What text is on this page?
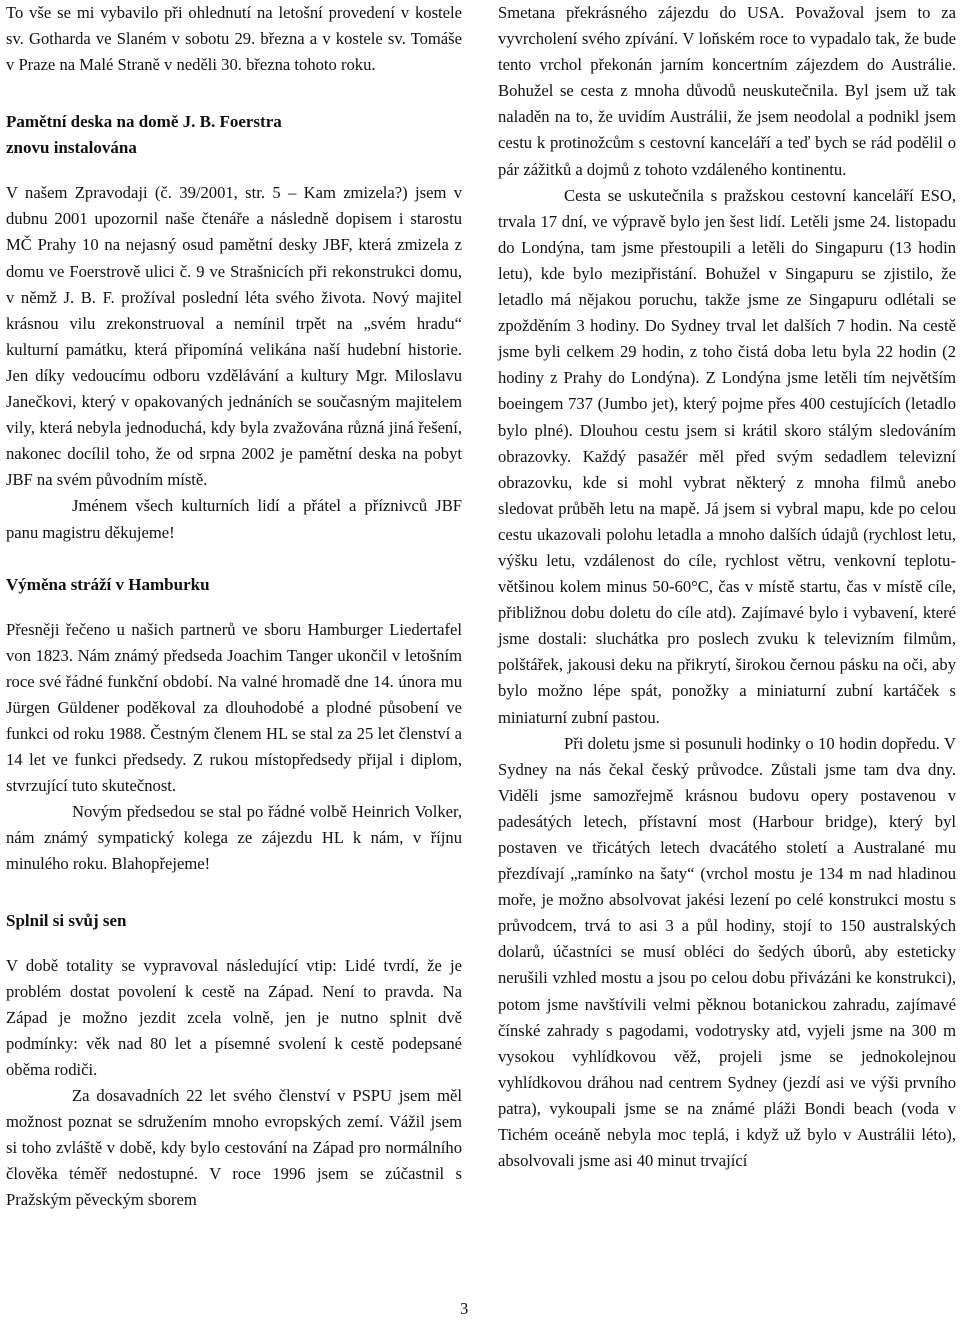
To vše se mi vybavilo při ohlednutí na letošní provedení v kostele sv. Gotharda ve Slaném v sobotu 29. března a v kostele sv. Tomáše v Praze na Malé Straně v neděli 30. března tohoto roku.

Pamětní deska na domě J. B. Foerstra
znovu instalována

V našem Zpravodaji (č. 39/2001, str. 5 – Kam zmizela?) jsem v dubnu 2001 upozornil naše čtenáře a následně dopisem i starostu MČ Prahy 10 na nejasný osud pamětní desky JBF, která zmizela z domu ve Foerstrově ulici č. 9 ve Strašnicích při rekonstrukci domu, v němž J. B. F. prožíval poslední léta svého života. Nový majitel krásnou vilu zrekonstruoval a nemínil trpět na „svém hradu“ kulturní památku, která připomíná velikána naší hudební historie. Jen díky vedoucímu odboru vzdělávání a kultury Mgr. Miloslavu Janečkovi, který v opakovaných jednáních se současným majitelem vily, která nebyla jednoduchá, kdy byla zvažována různá jiná řešení, nakonec docílil toho, že od srpna 2002 je pamětní deska na pobyt JBF na svém původním místě.

Jménem všech kulturních lidí a přátel a příznivců JBF panu magistru děkujeme!

Výměna stráží v Hamburku

Přesněji řečeno u našich partnerů ve sboru Hamburger Liedertafel von 1823. Nám známý předseda Joachim Tanger ukončil v letošním roce své řádné funkční období. Na valné hromadě dne 14. února mu Jürgen Güldener poděkoval za dlouhodobé a plodné působení ve funkci od roku 1988. Čestným členem HL se stal za 25 let členství a 14 let ve funkci předsedy. Z rukou místopředsedy přijal i diplom, stvrzující tuto skutečnost.

Novým předsedou se stal po řádné volbě Heinrich Volker, nám známý sympatický kolega ze zájezdu HL k nám, v říjnu minulého roku. Blahopřejeme!

Splnil si svůj sen

V době totality se vypravoval následující vtip: Lidé tvrdí, že je problém dostat povolení k cestě na Západ. Není to pravda. Na Západ je možno jezdit zcela volně, jen je nutno splnit dvě podmínky: věk nad 80 let a písemné svolení k cestě podepsané oběma rodiči.

Za dosavadních 22 let svého členství v PSPU jsem měl možnost poznat se sdružením mnoho evropských zemí. Vážil jsem si toho zvláště v době, kdy bylo cestování na Západ pro normálního člověka téměř nedostupné. V roce 1996 jsem se zúčastnil s Pražským pěveckým sborem

Smetana překrásného zájezdu do USA. Považoval jsem to za vyvrcholení svého zpívání. V loňském roce to vypadalo tak, že bude tento vrchol překonán jarním koncertním zájezdem do Austrálie. Bohužel se cesta z mnoha důvodů neuskutečnila. Byl jsem už tak naladěn na to, že uvidím Austrálii, že jsem neodolal a podnikl jsem cestu k protinožcům s cestovní kanceláří a teď bych se rád podělil o pár zážitků a dojmů z tohoto vzdáleného kontinentu.

Cesta se uskutečnila s pražskou cestovní kanceláří ESO, trvala 17 dní, ve výpravě bylo jen šest lidí. Letěli jsme 24. listopadu do Londýna, tam jsme přestoupili a letěli do Singapuru (13 hodin letu), kde bylo mezipřistání. Bohužel v Singapuru se zjistilo, že letadlo má nějakou poruchu, takže jsme ze Singapuru odlétali se zpožděním 3 hodiny. Do Sydney trval let dalších 7 hodin. Na cestě jsme byli celkem 29 hodin, z toho čistá doba letu byla 22 hodin (2 hodiny z Prahy do Londýna). Z Londýna jsme letěli tím největším boeingem 737 (Jumbo jet), který pojme přes 400 cestujících (letadlo bylo plné). Dlouhou cestu jsem si krátil skoro stálým sledováním obrazovky. Každý pasažér měl před svým sedadlem televizní obrazovku, kde si mohl vybrat některý z mnoha filmů anebo sledovat průběh letu na mapě. Já jsem si vybral mapu, kde po celou cestu ukazovali polohu letadla a mnoho dalších údajů (rychlost letu, výšku letu, vzdálenost do cíle, rychlost větru, venkovní teplotu-většinou kolem minus 50-60°C, čas v místě startu, čas v místě cíle, přibližnou dobu doletu do cíle atd). Zajímavé bylo i vybavení, které jsme dostali: sluchátka pro poslech zvuku k televizním filmům, polštářek, jakousi deku na přikrytí, širokou černou pásku na oči, aby bylo možno lépe spát, ponožky a miniaturní zubní kartáček s miniaturní zubní pastou.

Při doletu jsme si posunuli hodinky o 10 hodin dopředu. V Sydney na nás čekal český průvodce. Zůstali jsme tam dva dny. Viděli jsme samozřejmě krásnou budovu opery postavenou v padesátých letech, přístavní most (Harbour bridge), který byl postaven ve třicátých letech dvacátého století a Australané mu přezdívají „ramínko na šaty“ (vrchol mostu je 134 m nad hladinou moře, je možno absolvovat jakési lezení po celé konstrukci mostu s průvodcem, trvá to asi 3 a půl hodiny, stojí to 150 australských dolarů, účastníci se musí obléci do šedých úborů, aby esteticky nerušili vzhled mostu a jsou po celou dobu přivázáni ke konstrukci), potom jsme navštívili velmi pěknou botanickou zahradu, zajímavé čínské zahrady s pagodami, vodotrysky atd, vyjeli jsme na 300 m vysokou vyhlídkovou věž, projeli jsme se jednokolejnou vyhlídkovou dráhou nad centrem Sydney (jezdí asi ve výši prvního patra), vykoupali jsme se na známé pláži Bondi beach (voda v Tichém oceáně nebyla moc teplá, i když už bylo v Austrálii léto), absolvovali jsme asi 40 minut trvající

3
